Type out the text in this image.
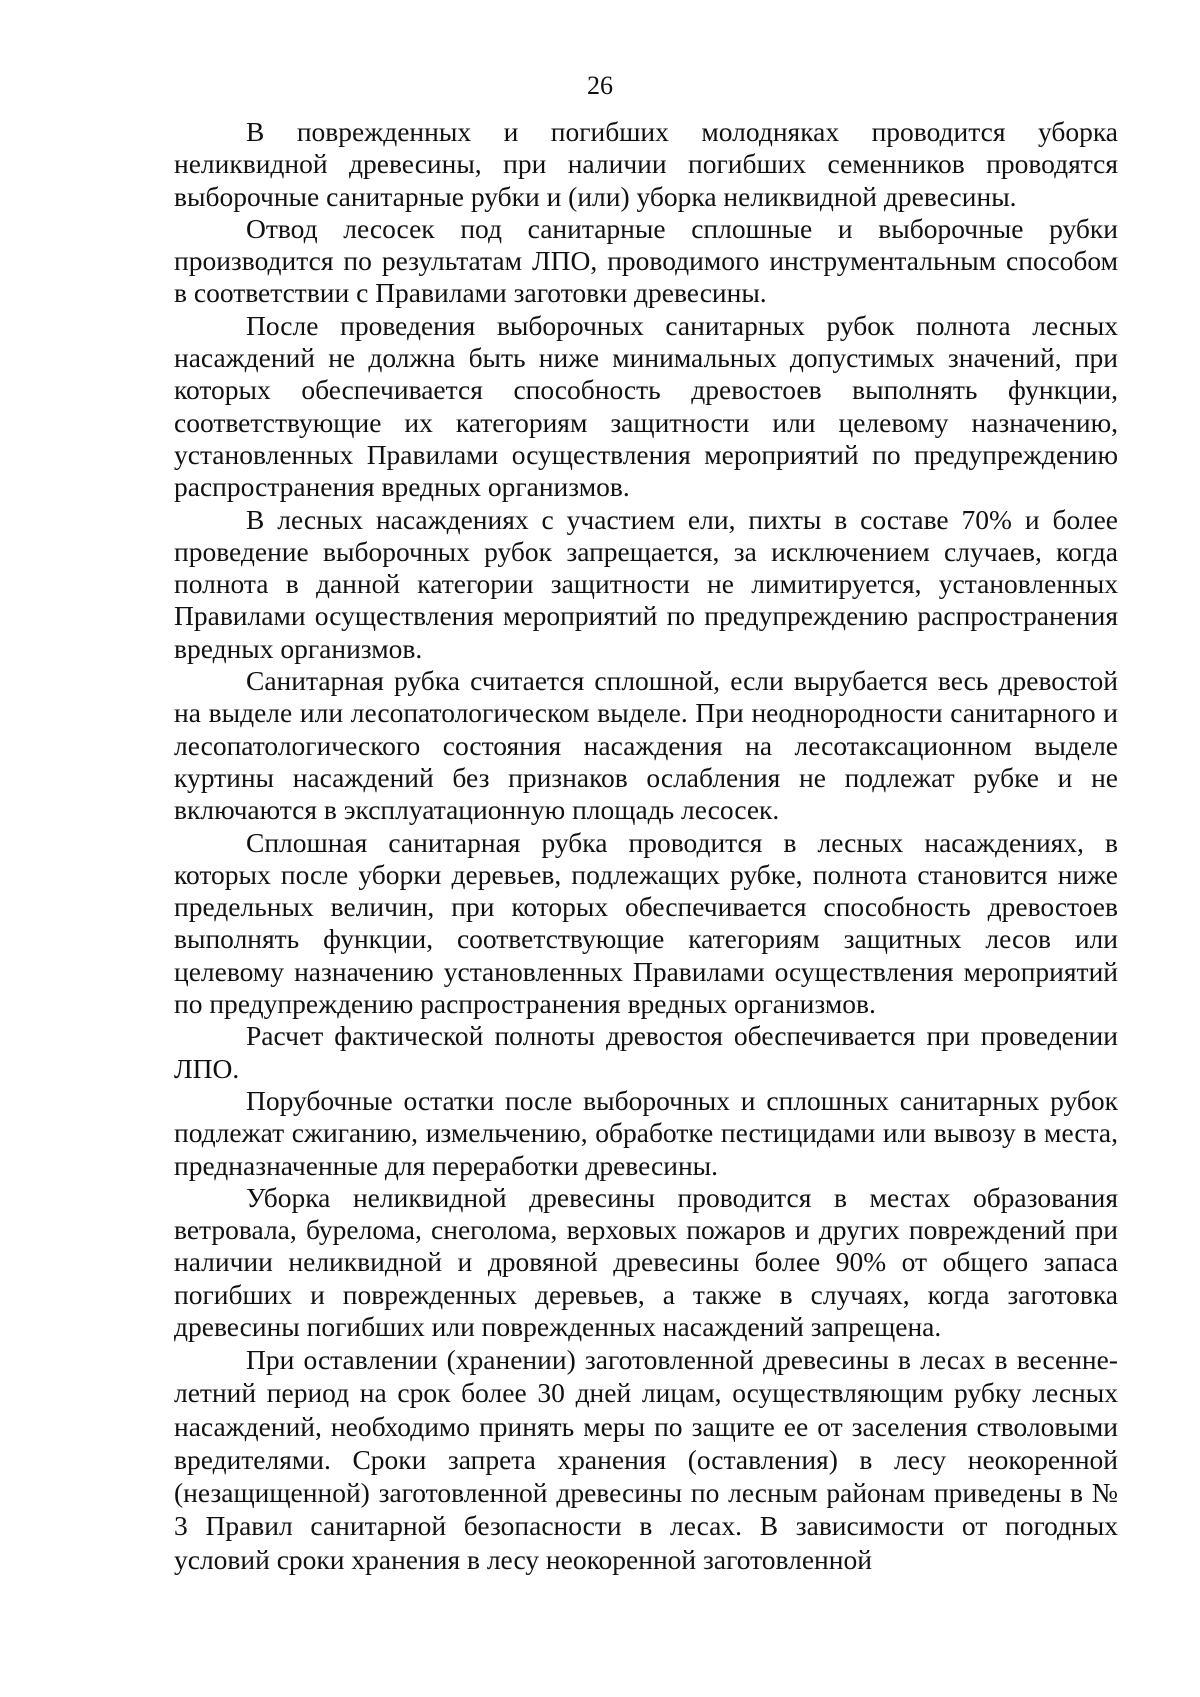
26

В поврежденных и погибших молодняках проводится уборка неликвидной древесины, при наличии погибших семенников проводятся выборочные санитарные рубки и (или) уборка неликвидной древесины.

Отвод лесосек под санитарные сплошные и выборочные рубки производится по результатам ЛПО, проводимого инструментальным способом в соответствии с Правилами заготовки древесины.

После проведения выборочных санитарных рубок полнота лесных насаждений не должна быть ниже минимальных допустимых значений, при которых обеспечивается способность древостоев выполнять функции, соответствующие их категориям защитности или целевому назначению, установленных Правилами осуществления мероприятий по предупреждению распространения вредных организмов.

В лесных насаждениях с участием ели, пихты в составе 70% и более проведение выборочных рубок запрещается, за исключением случаев, когда полнота в данной категории защитности не лимитируется, установленных Правилами осуществления мероприятий по предупреждению распространения вредных организмов.

Санитарная рубка считается сплошной, если вырубается весь древостой на выделе или лесопатологическом выделе. При неоднородности санитарного и лесопатологического состояния насаждения на лесотаксационном выделе куртины насаждений без признаков ослабления не подлежат рубке и не включаются в эксплуатационную площадь лесосек.

Сплошная санитарная рубка проводится в лесных насаждениях, в которых после уборки деревьев, подлежащих рубке, полнота становится ниже предельных величин, при которых обеспечивается способность древостоев выполнять функции, соответствующие категориям защитных лесов или целевому назначению установленных Правилами осуществления мероприятий по предупреждению распространения вредных организмов.

Расчет фактической полноты древостоя обеспечивается при проведении ЛПО.

Порубочные остатки после выборочных и сплошных санитарных рубок подлежат сжиганию, измельчению, обработке пестицидами или вывозу в места, предназначенные для переработки древесины.

Уборка неликвидной древесины проводится в местах образования ветровала, бурелома, снеголома, верховых пожаров и других повреждений при наличии неликвидной и дровяной древесины более 90% от общего запаса погибших и поврежденных деревьев, а также в случаях, когда заготовка древесины погибших или поврежденных насаждений запрещена.

При оставлении (хранении) заготовленной древесины в лесах в весенне-летний период на срок более 30 дней лицам, осуществляющим рубку лесных насаждений, необходимо принять меры по защите ее от заселения стволовыми вредителями. Сроки запрета хранения (оставления) в лесу неокоренной (незащищенной) заготовленной древесины по лесным районам приведены в № 3 Правил санитарной безопасности в лесах. В зависимости от погодных условий сроки хранения в лесу неокоренной заготовленной
